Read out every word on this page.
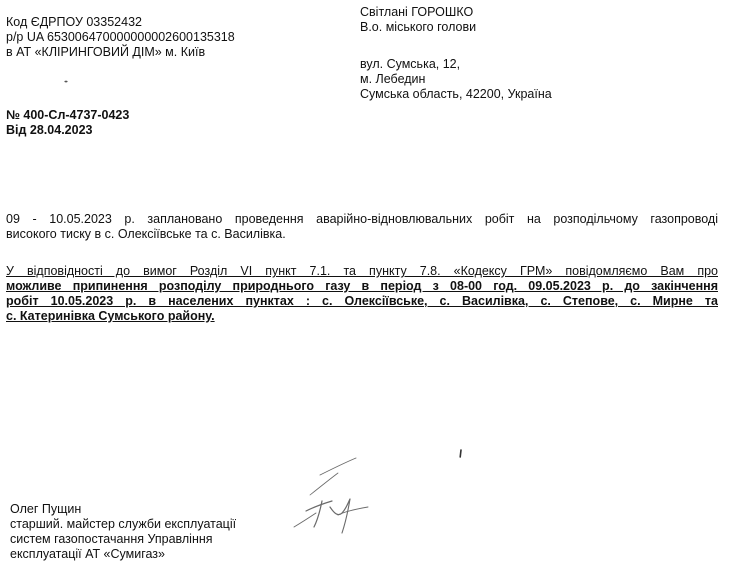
Код ЄДРПОУ 03352432
р/р UA 653006470000000002600135318
в АТ «КЛІРИНГОВИЙ ДІМ» м. Київ
Світлані ГОРОШКО
В.о. міського голови
вул. Сумська, 12,
м. Лебедин
Сумська область, 42200, Україна
№ 400-Сл-4737-0423
Від 28.04.2023
09 - 10.05.2023 р. заплановано проведення аварійно-відновлювальних робіт на розподільчому газопроводі
високого тиску в с. Олексіївське та с. Василівка.
У відповідності до вимог Розділ VI пункт 7.1. та пункту 7.8. «Кодексу ГРМ» повідомляємо Вам про
можливе припинення розподілу природнього газу в період з 08-00 год. 09.05.2023 р. до закінчення
робіт 10.05.2023 р. в населених пунктах : с. Олексіївське, с. Василівка, с. Степове, с. Мирне та
с. Катеринівка Сумського району.
Олег Пущин
старший. майстер служби експлуатації
систем газопостачання Управління
експлуатації АТ «Сумигаз»
